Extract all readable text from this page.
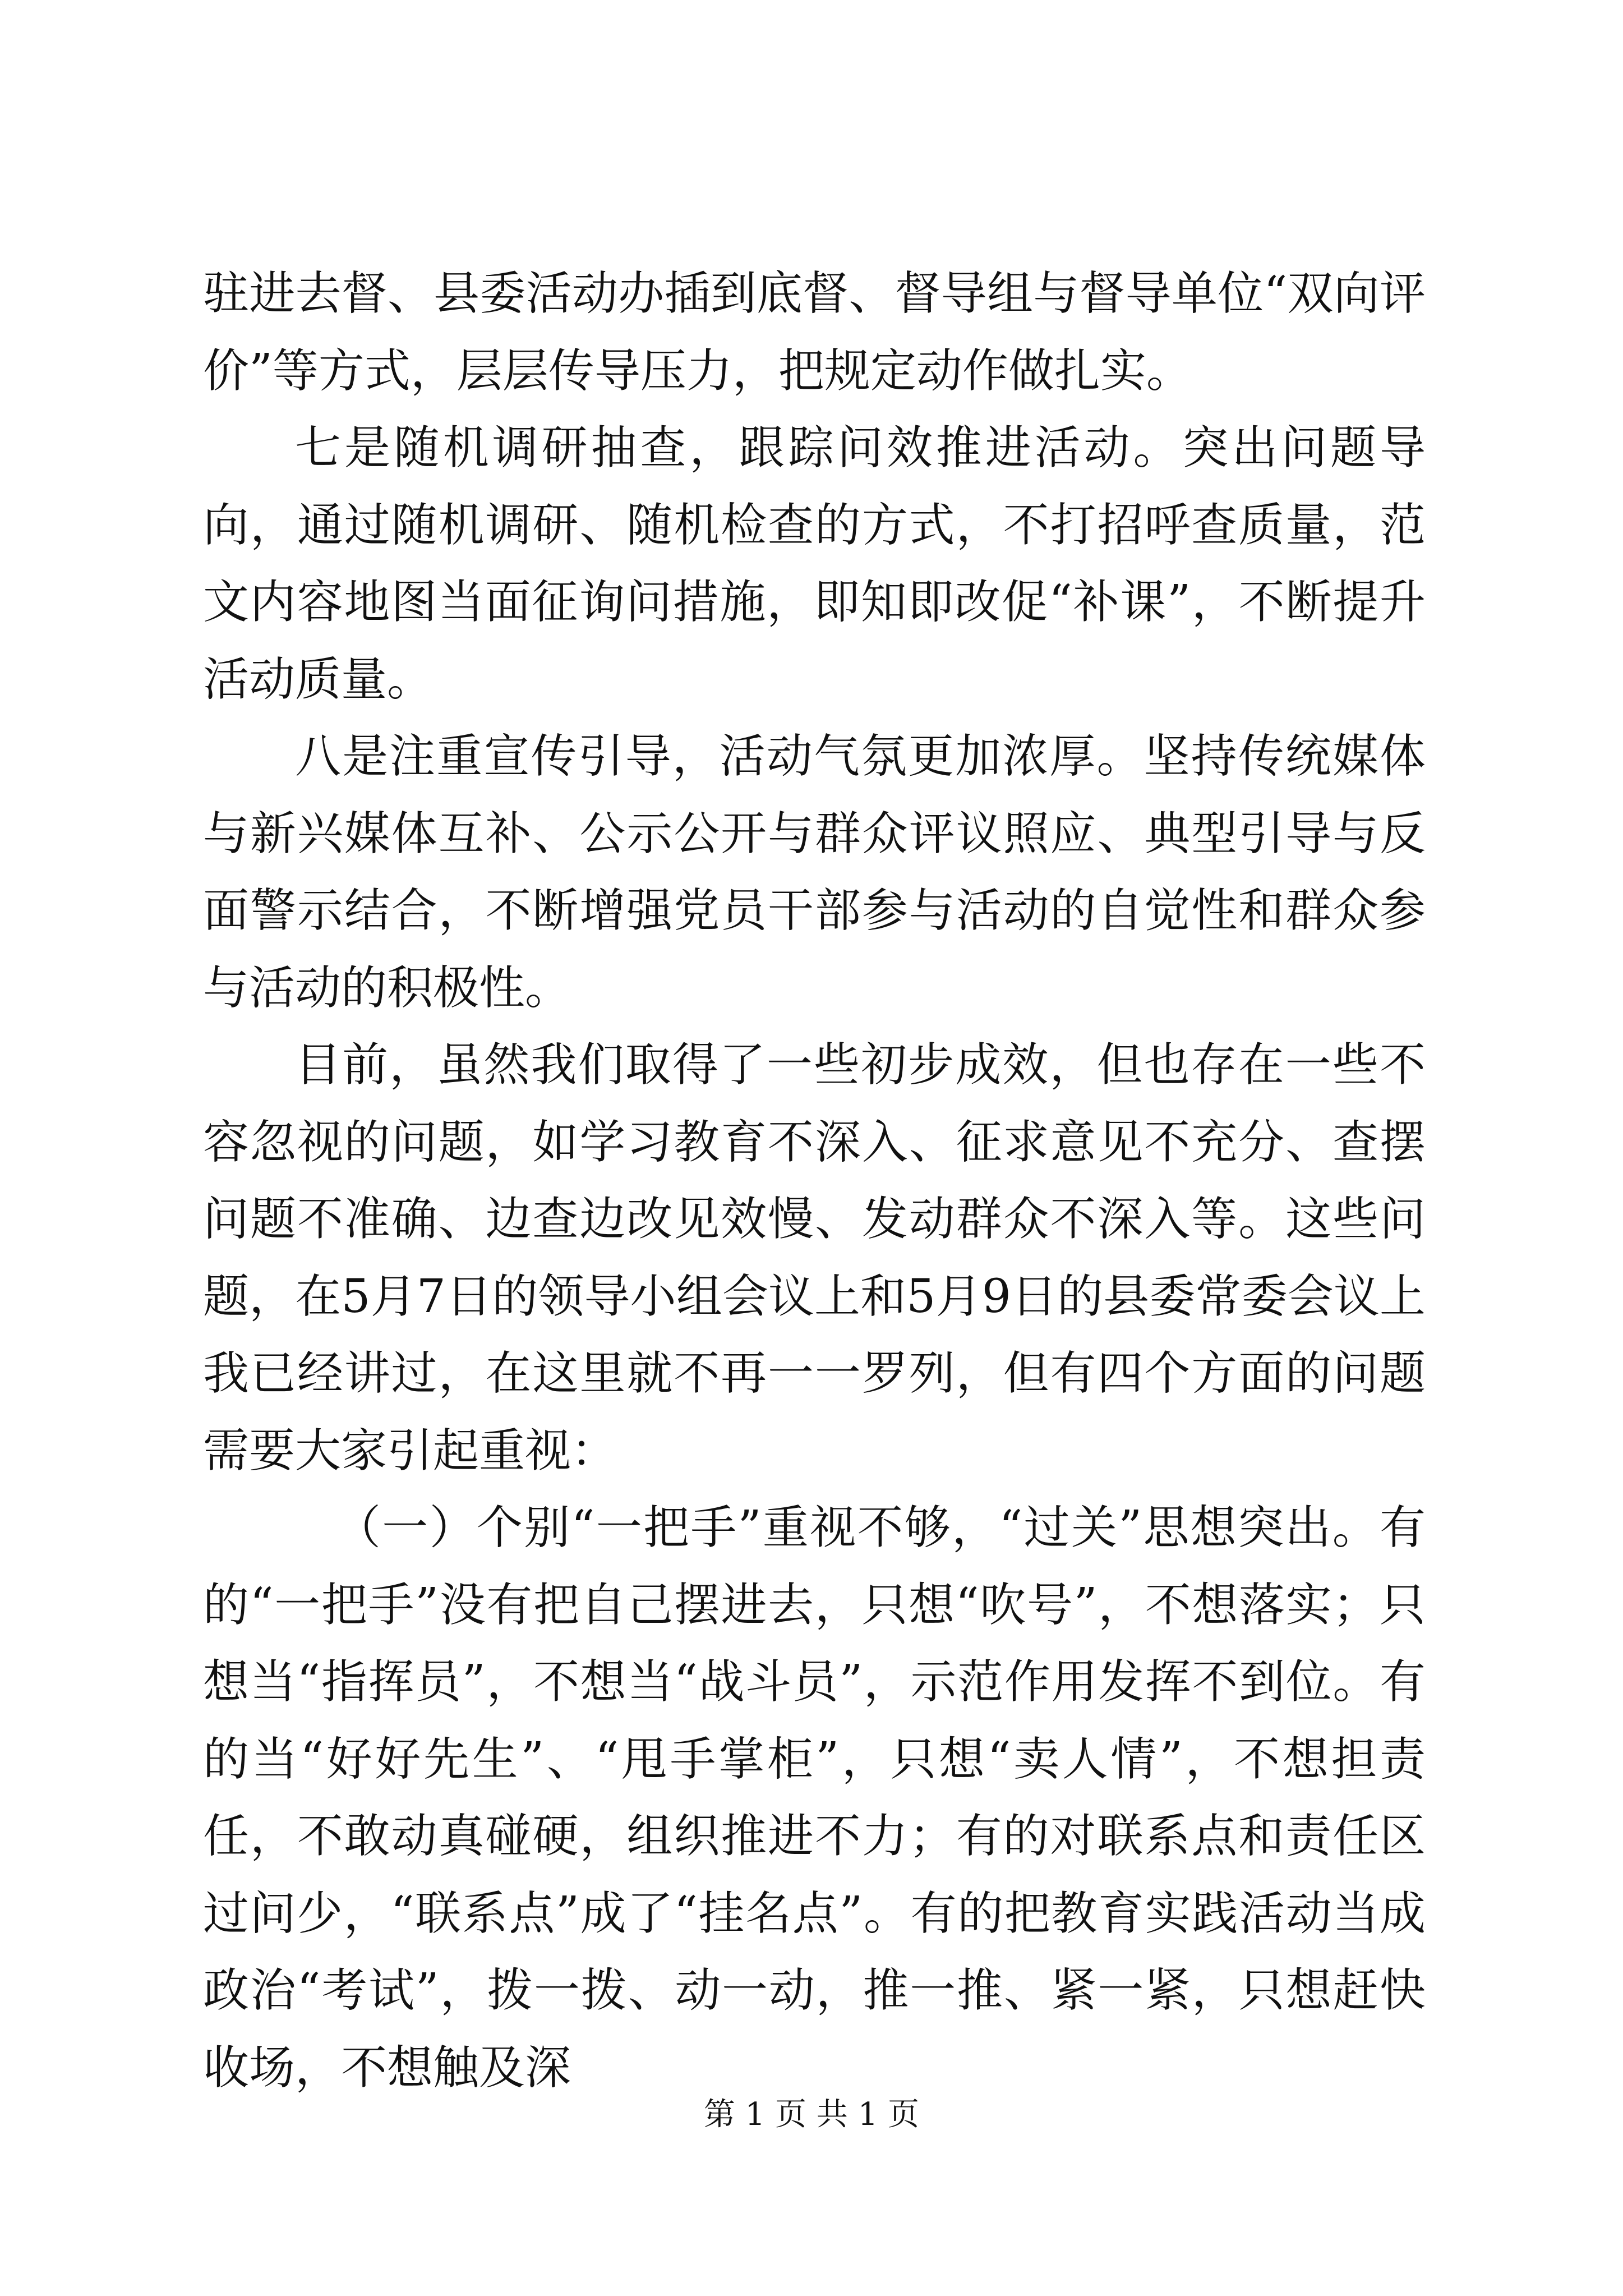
驻进去督、县委活动办插到底督、督导组与督导单位“双向评价”等方式，层层传导压力，把规定动作做扎实。

七是随机调研抽查，跟踪问效推进活动。突出问题导向，通过随机调研、随机检查的方式，不打招呼查质量，范文内容地图当面征询问措施，即知即改促“补课”，不断提升活动质量。

八是注重宣传引导，活动气氛更加浓厚。坚持传统媒体与新兴媒体互补、公示公开与群众评议照应、典型引导与反面警示结合，不断增强党员干部参与活动的自觉性和群众参与活动的积极性。

目前，虽然我们取得了一些初步成效，但也存在一些不容忽视的问题，如学习教育不深入、征求意见不充分、查摆问题不准确、边查边改见效慢、发动群众不深入等。这些问题，在5月7日的领导小组会议上和5月9日的县委常委会议上我已经讲过，在这里就不再一一罗列，但有四个方面的问题需要大家引起重视：

（一）个别“一把手”重视不够，“过关”思想突出。有的“一把手”没有把自己摆进去，只想“吹号”，不想落实；只想当“指挥员”，不想当“战斗员”，示范作用发挥不到位。有的当“好好先生”、“甩手掌柜”，只想“卖人情”，不想担责任，不敢动真碰硬，组织推进不力；有的对联系点和责任区过问少，“联系点”成了“挂名点”。有的把教育实践活动当成政治“考试”，拨一拨、动一动，推一推、紧一紧，只想赶快收场，不想触及深

第 1 页 共 1 页
